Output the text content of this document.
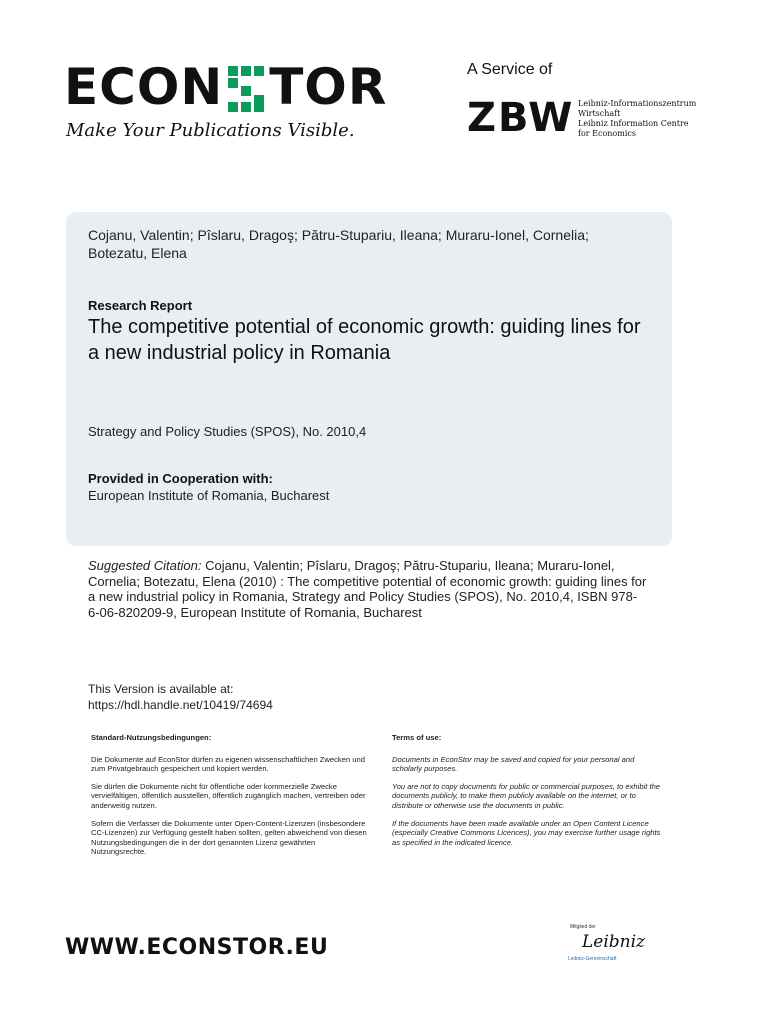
ECON TOR
Make Your Publications Visible.
A Service of
ZBW Leibniz-Informationszentrum
Wirtschaft
Leibniz Information Centre
for Economics
Cojanu, Valentin; Pîslaru, Dragoş; Pătru-Stupariu, Ileana; Muraru-Ionel, Cornelia; Botezatu, Elena
Research Report
The competitive potential of economic growth: guiding lines for a new industrial policy in Romania
Strategy and Policy Studies (SPOS), No. 2010,4
Provided in Cooperation with:
European Institute of Romania, Bucharest
Suggested Citation: Cojanu, Valentin; Pîslaru, Dragoş; Pătru-Stupariu, Ileana; Muraru-Ionel, Cornelia; Botezatu, Elena (2010) : The competitive potential of economic growth: guiding lines for a new industrial policy in Romania, Strategy and Policy Studies (SPOS), No. 2010,4, ISBN 978-6-06-820209-9, European Institute of Romania, Bucharest
This Version is available at:
https://hdl.handle.net/10419/74694
Standard-Nutzungsbedingungen:

Die Dokumente auf EconStor dürfen zu eigenen wissenschaftlichen Zwecken und zum Privatgebrauch gespeichert und kopiert werden.

Sie dürfen die Dokumente nicht für öffentliche oder kommerzielle Zwecke vervielfältigen, öffentlich ausstellen, öffentlich zugänglich machen, vertreiben oder anderweitig nutzen.

Sofern die Verfasser die Dokumente unter Open-Content-Lizenzen (insbesondere CC-Lizenzen) zur Verfügung gestellt haben sollten, gelten abweichend von diesen Nutzungsbedingungen die in der dort genannten Lizenz gewährten Nutzungsrechte.

Terms of use:

Documents in EconStor may be saved and copied for your personal and scholarly purposes.

You are not to copy documents for public or commercial purposes, to exhibit the documents publicly, to make them publicly available on the internet, or to distribute or otherwise use the documents in public.

If the documents have been made available under an Open Content Licence (especially Creative Commons Licences), you may exercise further usage rights as specified in the indicated licence.

WWW.ECONSTOR.EU
Mitglied der
Leibniz
Leibniz-Gemeinschaft
